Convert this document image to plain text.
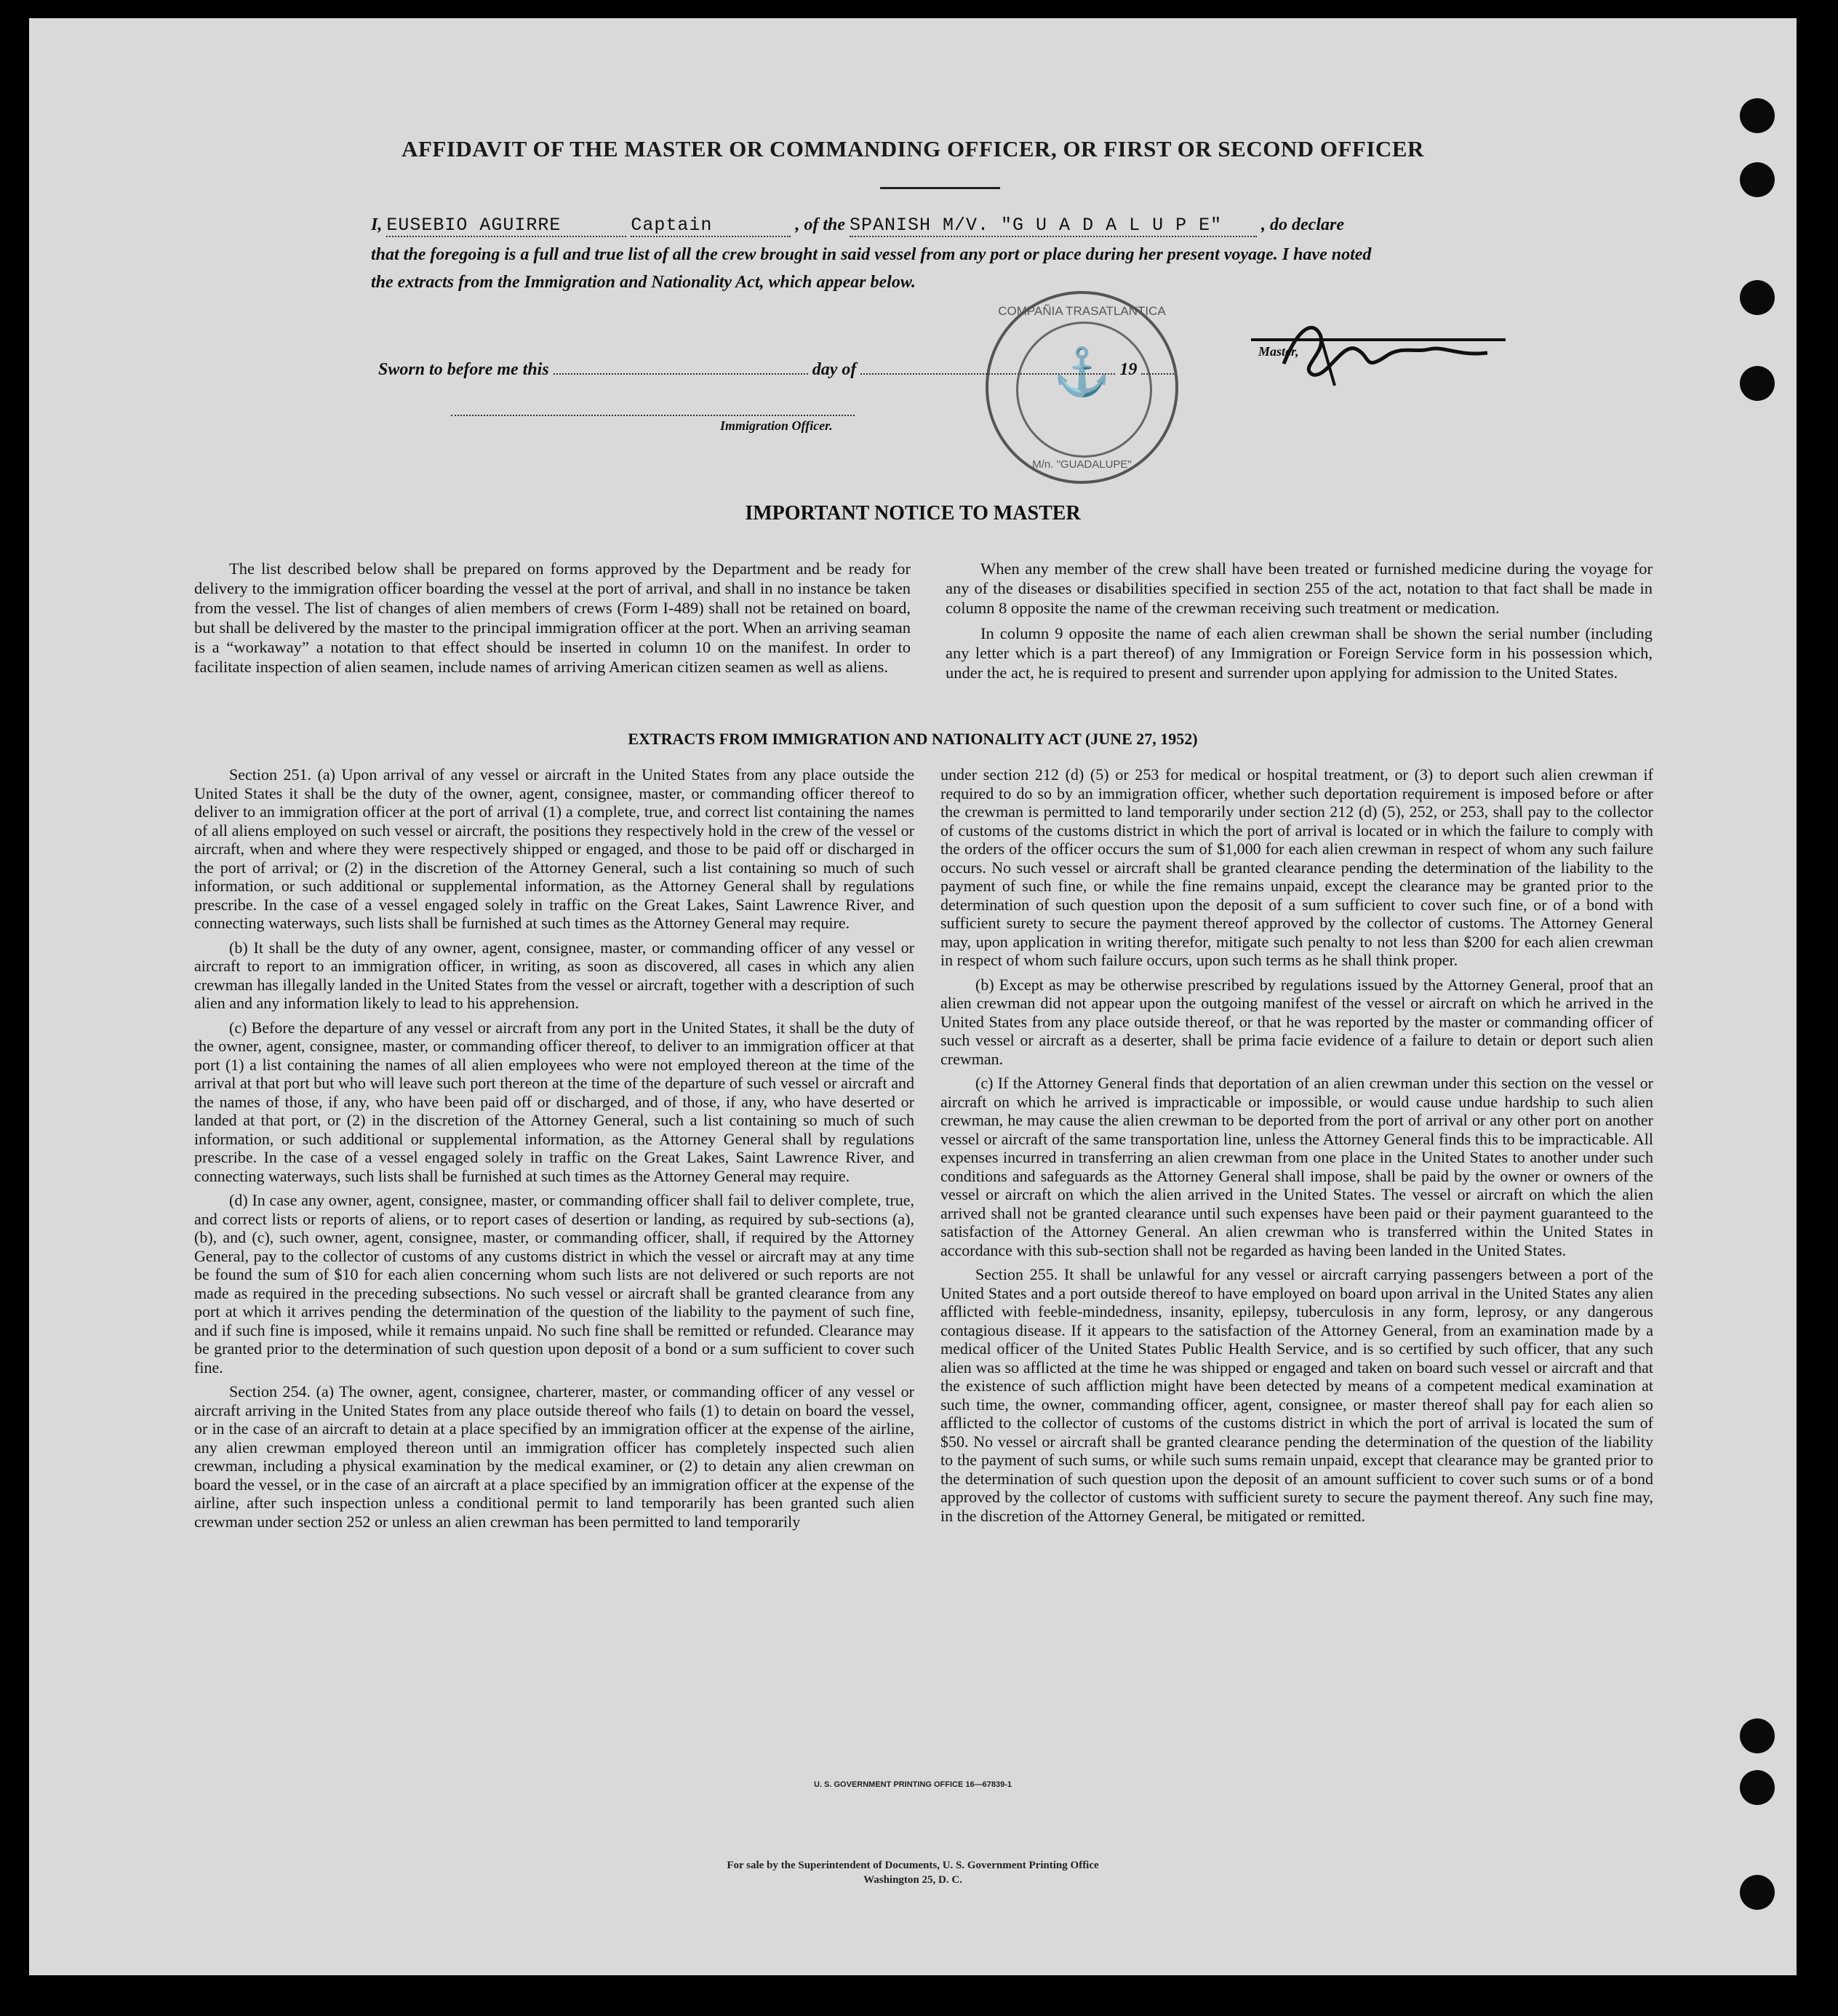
AFFIDAVIT OF THE MASTER OR COMMANDING OFFICER, OR FIRST OR SECOND OFFICER
I, EUSEBIO AGUIRRE	Captain	, of the SPANISH M/V. "G U A D A L U P E" , do declare
that the foregoing is a full and true list of all the crew brought in said vessel from any port or place during her present voyage. I have noted
the extracts from the Immigration and Nationality Act, which appear below.
COMPAÑIA TRASATLANTICA
⚓
M/n. "GUADALUPE"
Master,
Sworn to before me this	day of	19
Immigration Officer.
IMPORTANT NOTICE TO MASTER

The list described below shall be prepared on forms approved by the Department and be ready for delivery to the immigration officer boarding the vessel at the port of arrival, and shall in no instance be taken from the vessel. The list of changes of alien members of crews (Form I-489) shall not be retained on board, but shall be delivered by the master to the principal immigration officer at the port. When an arriving seaman is a “workaway” a notation to that effect should be inserted in column 10 on the manifest. In order to facilitate inspection of alien seamen, include names of arriving American citizen seamen as well as aliens.

When any member of the crew shall have been treated or furnished medicine during the voyage for any of the diseases or disabilities specified in section 255 of the act, notation to that fact shall be made in column 8 opposite the name of the crewman receiving such treatment or medication.

In column 9 opposite the name of each alien crewman shall be shown the serial number (including any letter which is a part thereof) of any Immigration or Foreign Service form in his possession which, under the act, he is required to present and surrender upon applying for admission to the United States.

EXTRACTS FROM IMMIGRATION AND NATIONALITY ACT (JUNE 27, 1952)

Section 251. (a) Upon arrival of any vessel or aircraft in the United States from any place outside the United States it shall be the duty of the owner, agent, consignee, master, or commanding officer thereof to deliver to an immigration officer at the port of arrival (1) a complete, true, and correct list containing the names of all aliens employed on such vessel or aircraft, the positions they respectively hold in the crew of the vessel or aircraft, when and where they were respectively shipped or engaged, and those to be paid off or discharged in the port of arrival; or (2) in the discretion of the Attorney General, such a list containing so much of such information, or such additional or supplemental information, as the Attorney General shall by regulations prescribe. In the case of a vessel engaged solely in traffic on the Great Lakes, Saint Lawrence River, and connecting waterways, such lists shall be furnished at such times as the Attorney General may require.

(b) It shall be the duty of any owner, agent, consignee, master, or commanding officer of any vessel or aircraft to report to an immigration officer, in writing, as soon as discovered, all cases in which any alien crewman has illegally landed in the United States from the vessel or aircraft, together with a description of such alien and any information likely to lead to his apprehension.

(c) Before the departure of any vessel or aircraft from any port in the United States, it shall be the duty of the owner, agent, consignee, master, or commanding officer thereof, to deliver to an immigration officer at that port (1) a list containing the names of all alien employees who were not employed thereon at the time of the arrival at that port but who will leave such port thereon at the time of the departure of such vessel or aircraft and the names of those, if any, who have been paid off or discharged, and of those, if any, who have deserted or landed at that port, or (2) in the discretion of the Attorney General, such a list containing so much of such information, or such additional or supplemental information, as the Attorney General shall by regulations prescribe. In the case of a vessel engaged solely in traffic on the Great Lakes, Saint Lawrence River, and connecting waterways, such lists shall be furnished at such times as the Attorney General may require.

(d) In case any owner, agent, consignee, master, or commanding officer shall fail to deliver complete, true, and correct lists or reports of aliens, or to report cases of desertion or landing, as required by sub-sections (a), (b), and (c), such owner, agent, consignee, master, or commanding officer, shall, if required by the Attorney General, pay to the collector of customs of any customs district in which the vessel or aircraft may at any time be found the sum of $10 for each alien concerning whom such lists are not delivered or such reports are not made as required in the preceding subsections. No such vessel or aircraft shall be granted clearance from any port at which it arrives pending the determination of the question of the liability to the payment of such fine, and if such fine is imposed, while it remains unpaid. No such fine shall be remitted or refunded. Clearance may be granted prior to the determination of such question upon deposit of a bond or a sum sufficient to cover such fine.

Section 254. (a) The owner, agent, consignee, charterer, master, or commanding officer of any vessel or aircraft arriving in the United States from any place outside thereof who fails (1) to detain on board the vessel, or in the case of an aircraft to detain at a place specified by an immigration officer at the expense of the airline, any alien crewman employed thereon until an immigration officer has completely inspected such alien crewman, including a physical examination by the medical examiner, or (2) to detain any alien crewman on board the vessel, or in the case of an aircraft at a place specified by an immigration officer at the expense of the airline, after such inspection unless a conditional permit to land temporarily has been granted such alien crewman under section 252 or unless an alien crewman has been permitted to land temporarily

under section 212 (d) (5) or 253 for medical or hospital treatment, or (3) to deport such alien crewman if required to do so by an immigration officer, whether such deportation requirement is imposed before or after the crewman is permitted to land temporarily under section 212 (d) (5), 252, or 253, shall pay to the collector of customs of the customs district in which the port of arrival is located or in which the failure to comply with the orders of the officer occurs the sum of $1,000 for each alien crewman in respect of whom any such failure occurs. No such vessel or aircraft shall be granted clearance pending the determination of the liability to the payment of such fine, or while the fine remains unpaid, except the clearance may be granted prior to the determination of such question upon the deposit of a sum sufficient to cover such fine, or of a bond with sufficient surety to secure the payment thereof approved by the collector of customs. The Attorney General may, upon application in writing therefor, mitigate such penalty to not less than $200 for each alien crewman in respect of whom such failure occurs, upon such terms as he shall think proper.

(b) Except as may be otherwise prescribed by regulations issued by the Attorney General, proof that an alien crewman did not appear upon the outgoing manifest of the vessel or aircraft on which he arrived in the United States from any place outside thereof, or that he was reported by the master or commanding officer of such vessel or aircraft as a deserter, shall be prima facie evidence of a failure to detain or deport such alien crewman.

(c) If the Attorney General finds that deportation of an alien crewman under this section on the vessel or aircraft on which he arrived is impracticable or impossible, or would cause undue hardship to such alien crewman, he may cause the alien crewman to be deported from the port of arrival or any other port on another vessel or aircraft of the same transportation line, unless the Attorney General finds this to be impracticable. All expenses incurred in transferring an alien crewman from one place in the United States to another under such conditions and safeguards as the Attorney General shall impose, shall be paid by the owner or owners of the vessel or aircraft on which the alien arrived in the United States. The vessel or aircraft on which the alien arrived shall not be granted clearance until such expenses have been paid or their payment guaranteed to the satisfaction of the Attorney General. An alien crewman who is transferred within the United States in accordance with this sub-section shall not be regarded as having been landed in the United States.

Section 255. It shall be unlawful for any vessel or aircraft carrying passengers between a port of the United States and a port outside thereof to have employed on board upon arrival in the United States any alien afflicted with feeble-mindedness, insanity, epilepsy, tuberculosis in any form, leprosy, or any dangerous contagious disease. If it appears to the satisfaction of the Attorney General, from an examination made by a medical officer of the United States Public Health Service, and is so certified by such officer, that any such alien was so afflicted at the time he was shipped or engaged and taken on board such vessel or aircraft and that the existence of such affliction might have been detected by means of a competent medical examination at such time, the owner, commanding officer, agent, consignee, or master thereof shall pay for each alien so afflicted to the collector of customs of the customs district in which the port of arrival is located the sum of $50. No vessel or aircraft shall be granted clearance pending the determination of the question of the liability to the payment of such sums, or while such sums remain unpaid, except that clearance may be granted prior to the determination of such question upon the deposit of an amount sufficient to cover such sums or of a bond approved by the collector of customs with sufficient surety to secure the payment thereof. Any such fine may, in the discretion of the Attorney General, be mitigated or remitted.

U. S. GOVERNMENT PRINTING OFFICE 16—67839-1
For sale by the Superintendent of Documents, U. S. Government Printing Office
Washington 25, D. C.
